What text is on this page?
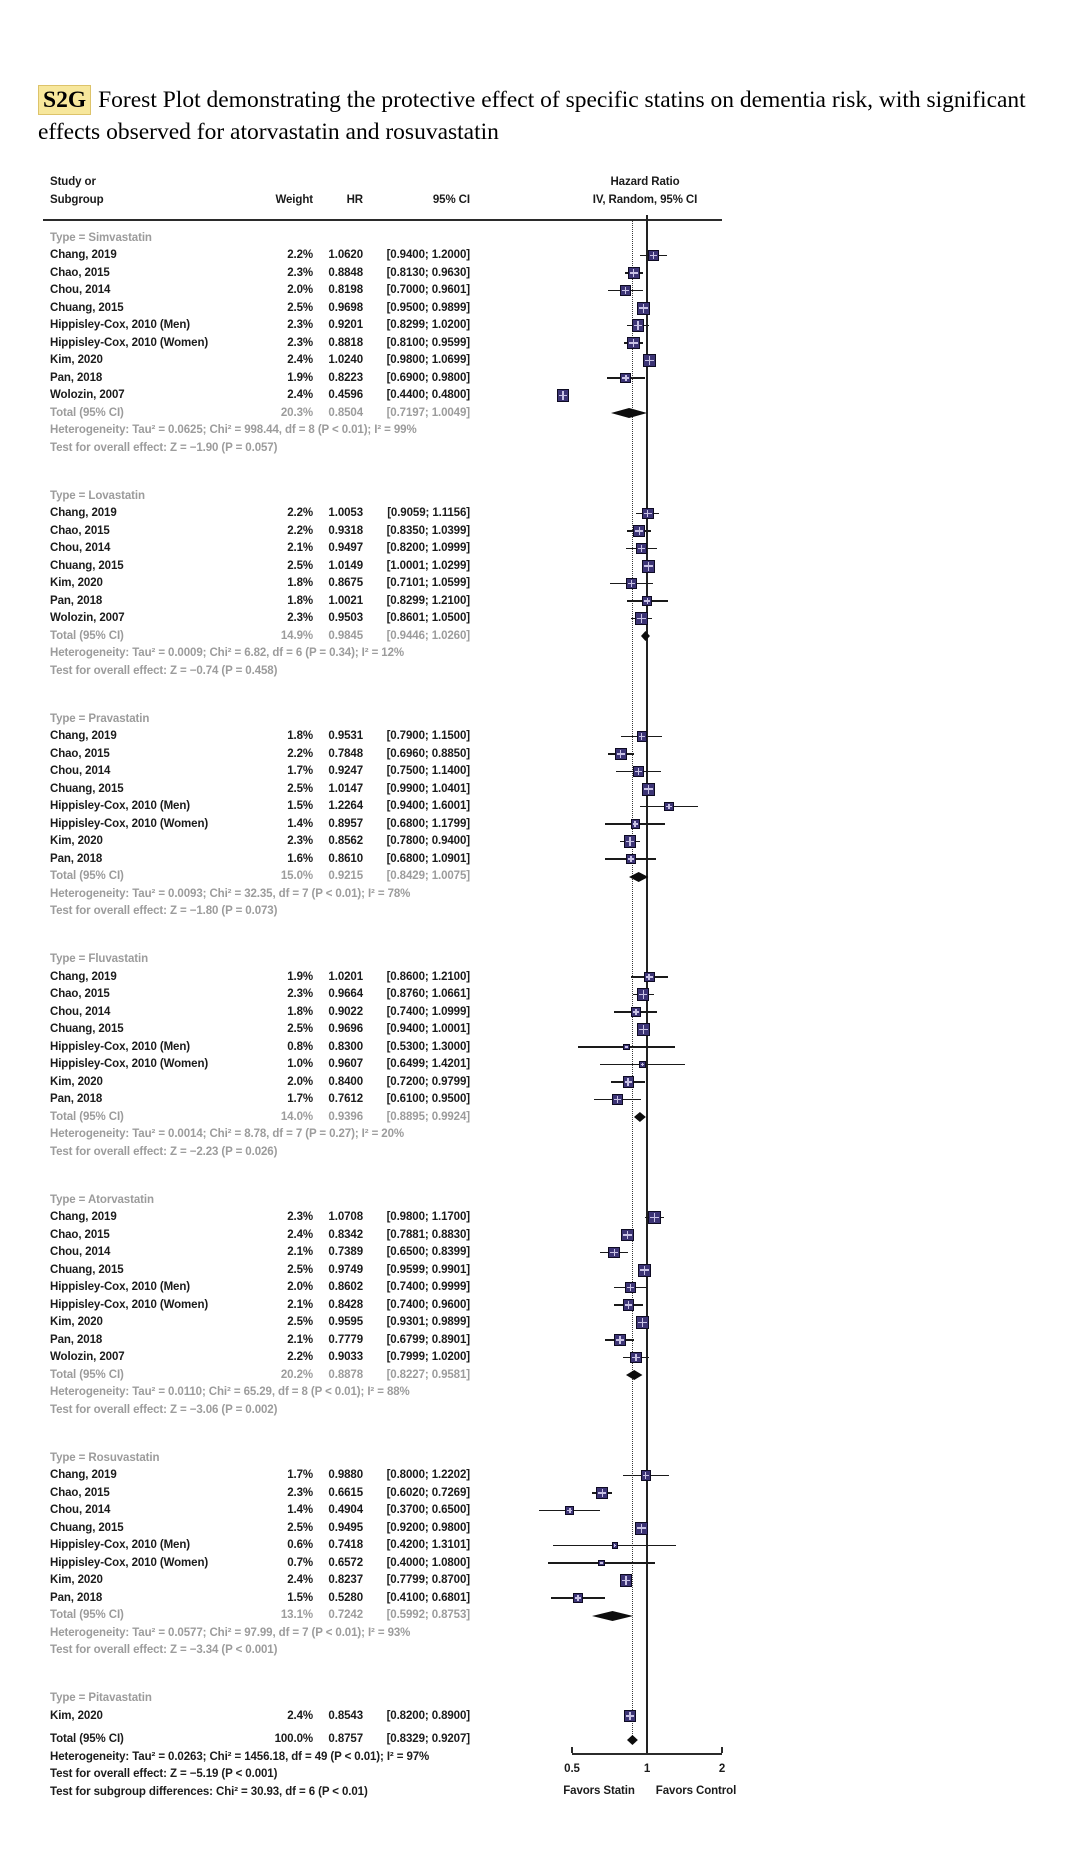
S2G Forest Plot demonstrating the protective effect of specific statins on dementia risk, with significant effects observed for atorvastatin and rosuvastatin
Study or
Subgroup	Weight	HR	95% CI
Hazard Ratio
IV, Random, 95% CI
0.5	1	2
Favors Statin	Favors Control
Type = Simvastatin
Chang, 2019	2.2%	1.0620	[0.9400; 1.2000]
Chao, 2015	2.3%	0.8848	[0.8130; 0.9630]
Chou, 2014	2.0%	0.8198	[0.7000; 0.9601]
Chuang, 2015	2.5%	0.9698	[0.9500; 0.9899]
Hippisley-Cox, 2010 (Men)	2.3%	0.9201	[0.8299; 1.0200]
Hippisley-Cox, 2010 (Women)	2.3%	0.8818	[0.8100; 0.9599]
Kim, 2020	2.4%	1.0240	[0.9800; 1.0699]
Pan, 2018	1.9%	0.8223	[0.6900; 0.9800]
Wolozin, 2007	2.4%	0.4596	[0.4400; 0.4800]
Total (95% CI)	20.3%	0.8504	[0.7197; 1.0049]
Heterogeneity: Tau² = 0.0625; Chi² = 998.44, df = 8 (P < 0.01); I² = 99%
Test for overall effect: Z = −1.90 (P = 0.057)
Type = Lovastatin
Chang, 2019	2.2%	1.0053	[0.9059; 1.1156]
Chao, 2015	2.2%	0.9318	[0.8350; 1.0399]
Chou, 2014	2.1%	0.9497	[0.8200; 1.0999]
Chuang, 2015	2.5%	1.0149	[1.0001; 1.0299]
Kim, 2020	1.8%	0.8675	[0.7101; 1.0599]
Pan, 2018	1.8%	1.0021	[0.8299; 1.2100]
Wolozin, 2007	2.3%	0.9503	[0.8601; 1.0500]
Total (95% CI)	14.9%	0.9845	[0.9446; 1.0260]
Heterogeneity: Tau² = 0.0009; Chi² = 6.82, df = 6 (P = 0.34); I² = 12%
Test for overall effect: Z = −0.74 (P = 0.458)
Type = Pravastatin
Chang, 2019	1.8%	0.9531	[0.7900; 1.1500]
Chao, 2015	2.2%	0.7848	[0.6960; 0.8850]
Chou, 2014	1.7%	0.9247	[0.7500; 1.1400]
Chuang, 2015	2.5%	1.0147	[0.9900; 1.0401]
Hippisley-Cox, 2010 (Men)	1.5%	1.2264	[0.9400; 1.6001]
Hippisley-Cox, 2010 (Women)	1.4%	0.8957	[0.6800; 1.1799]
Kim, 2020	2.3%	0.8562	[0.7800; 0.9400]
Pan, 2018	1.6%	0.8610	[0.6800; 1.0901]
Total (95% CI)	15.0%	0.9215	[0.8429; 1.0075]
Heterogeneity: Tau² = 0.0093; Chi² = 32.35, df = 7 (P < 0.01); I² = 78%
Test for overall effect: Z = −1.80 (P = 0.073)
Type = Fluvastatin
Chang, 2019	1.9%	1.0201	[0.8600; 1.2100]
Chao, 2015	2.3%	0.9664	[0.8760; 1.0661]
Chou, 2014	1.8%	0.9022	[0.7400; 1.0999]
Chuang, 2015	2.5%	0.9696	[0.9400; 1.0001]
Hippisley-Cox, 2010 (Men)	0.8%	0.8300	[0.5300; 1.3000]
Hippisley-Cox, 2010 (Women)	1.0%	0.9607	[0.6499; 1.4201]
Kim, 2020	2.0%	0.8400	[0.7200; 0.9799]
Pan, 2018	1.7%	0.7612	[0.6100; 0.9500]
Total (95% CI)	14.0%	0.9396	[0.8895; 0.9924]
Heterogeneity: Tau² = 0.0014; Chi² = 8.78, df = 7 (P = 0.27); I² = 20%
Test for overall effect: Z = −2.23 (P = 0.026)
Type = Atorvastatin
Chang, 2019	2.3%	1.0708	[0.9800; 1.1700]
Chao, 2015	2.4%	0.8342	[0.7881; 0.8830]
Chou, 2014	2.1%	0.7389	[0.6500; 0.8399]
Chuang, 2015	2.5%	0.9749	[0.9599; 0.9901]
Hippisley-Cox, 2010 (Men)	2.0%	0.8602	[0.7400; 0.9999]
Hippisley-Cox, 2010 (Women)	2.1%	0.8428	[0.7400; 0.9600]
Kim, 2020	2.5%	0.9595	[0.9301; 0.9899]
Pan, 2018	2.1%	0.7779	[0.6799; 0.8901]
Wolozin, 2007	2.2%	0.9033	[0.7999; 1.0200]
Total (95% CI)	20.2%	0.8878	[0.8227; 0.9581]
Heterogeneity: Tau² = 0.0110; Chi² = 65.29, df = 8 (P < 0.01); I² = 88%
Test for overall effect: Z = −3.06 (P = 0.002)
Type = Rosuvastatin
Chang, 2019	1.7%	0.9880	[0.8000; 1.2202]
Chao, 2015	2.3%	0.6615	[0.6020; 0.7269]
Chou, 2014	1.4%	0.4904	[0.3700; 0.6500]
Chuang, 2015	2.5%	0.9495	[0.9200; 0.9800]
Hippisley-Cox, 2010 (Men)	0.6%	0.7418	[0.4200; 1.3101]
Hippisley-Cox, 2010 (Women)	0.7%	0.6572	[0.4000; 1.0800]
Kim, 2020	2.4%	0.8237	[0.7799; 0.8700]
Pan, 2018	1.5%	0.5280	[0.4100; 0.6801]
Total (95% CI)	13.1%	0.7242	[0.5992; 0.8753]
Heterogeneity: Tau² = 0.0577; Chi² = 97.99, df = 7 (P < 0.01); I² = 93%
Test for overall effect: Z = −3.34 (P < 0.001)
Type = Pitavastatin
Kim, 2020	2.4%	0.8543	[0.8200; 0.8900]
Total (95% CI)	100.0%	0.8757	[0.8329; 0.9207]
Heterogeneity: Tau² = 0.0263; Chi² = 1456.18, df = 49 (P < 0.01); I² = 97%
Test for overall effect: Z = −5.19 (P < 0.001)
Test for subgroup differences: Chi² = 30.93, df = 6 (P < 0.01)
